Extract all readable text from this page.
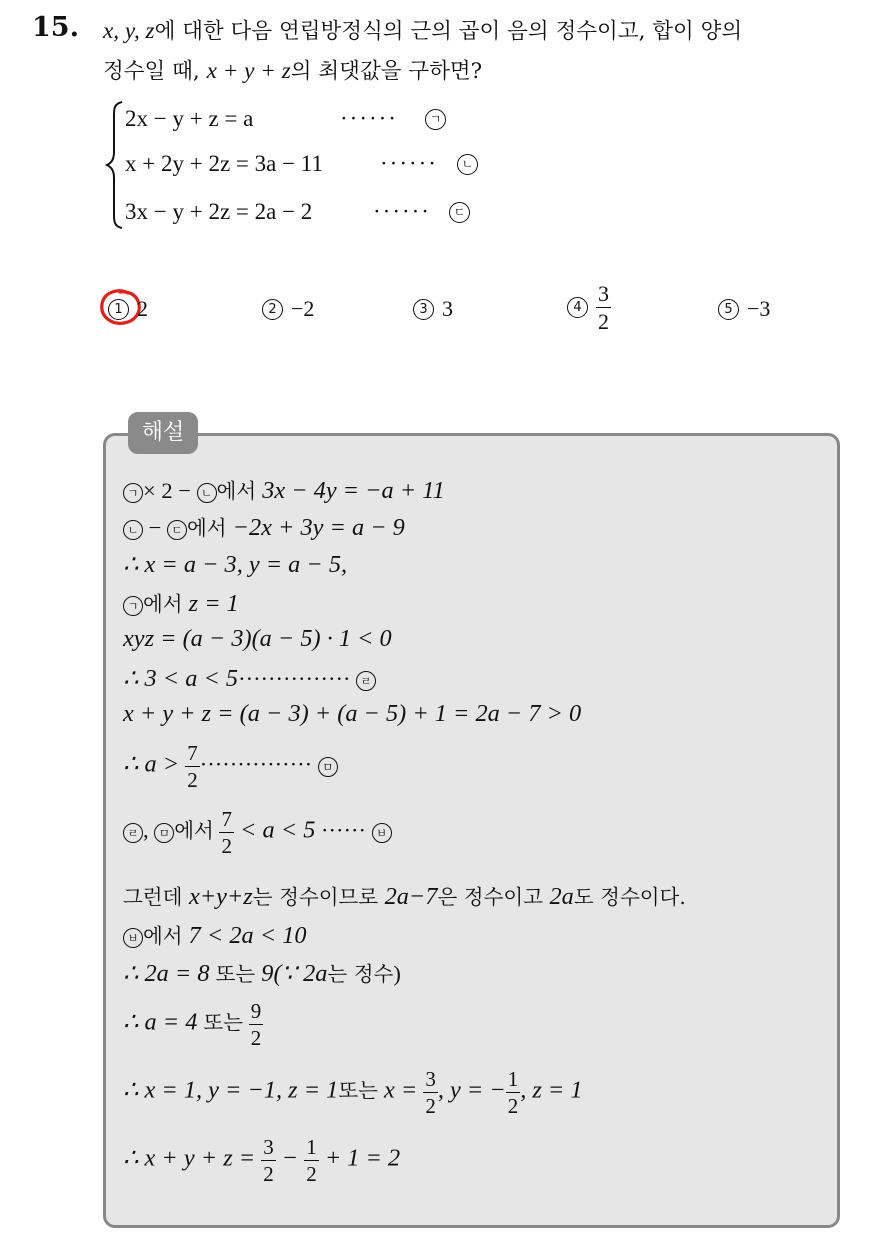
15. x, y, z에 대한 다음 연립방정식의 근의 곱이 음의 정수이고, 합이 양의
정수일 때, x + y + z의 최댓값을 구하면?
2x − y + z = a	······	ㄱ
x + 2y + 2z = 3a − 11 ······	ㄴ
3x − y + 2z = 2a − 2	······	ㄷ
1 2	2 −2	3 3	$4 \frac{3}{2}$	5 −3
해설
ㄱ × 2 − ㄴ 에서 3x − 4y = −a + 11
ㄴ − ㄷ 에서 −2x + 3y = a − 9
∴ x = a − 3, y = a − 5,
ㄱ 에서 z = 1
xyz = (a − 3)(a − 5) · 1 < 0
∴ 3 < a < 5··············· ㄹ
x + y + z = (a − 3) + (a − 5) + 1 = 2a − 7 > 0
∴ $a > \frac{7}{2}$ ··············· ㅁ
ㄹ , ㅁ 에서 $\frac{7}{2} < a < 5$ ······ ㅂ
그런데 x+y+z는 정수이므로 2a−7은 정수이고 2a도 정수이다.
ㅂ 에서 7 < 2a < 10
∴ 2a = 8 또는 9(∵ 2a는 정수)
∴ a = 4 또는 $\frac{9}{2}$
∴ x = 1, y = −1, z = 1또는 $x = \frac{3}{2}$ , y = − $\frac{1}{2}$ , z = 1
∴ $x + y + z = \frac{3}{2} - \frac{1}{2} + 1 = 2$
